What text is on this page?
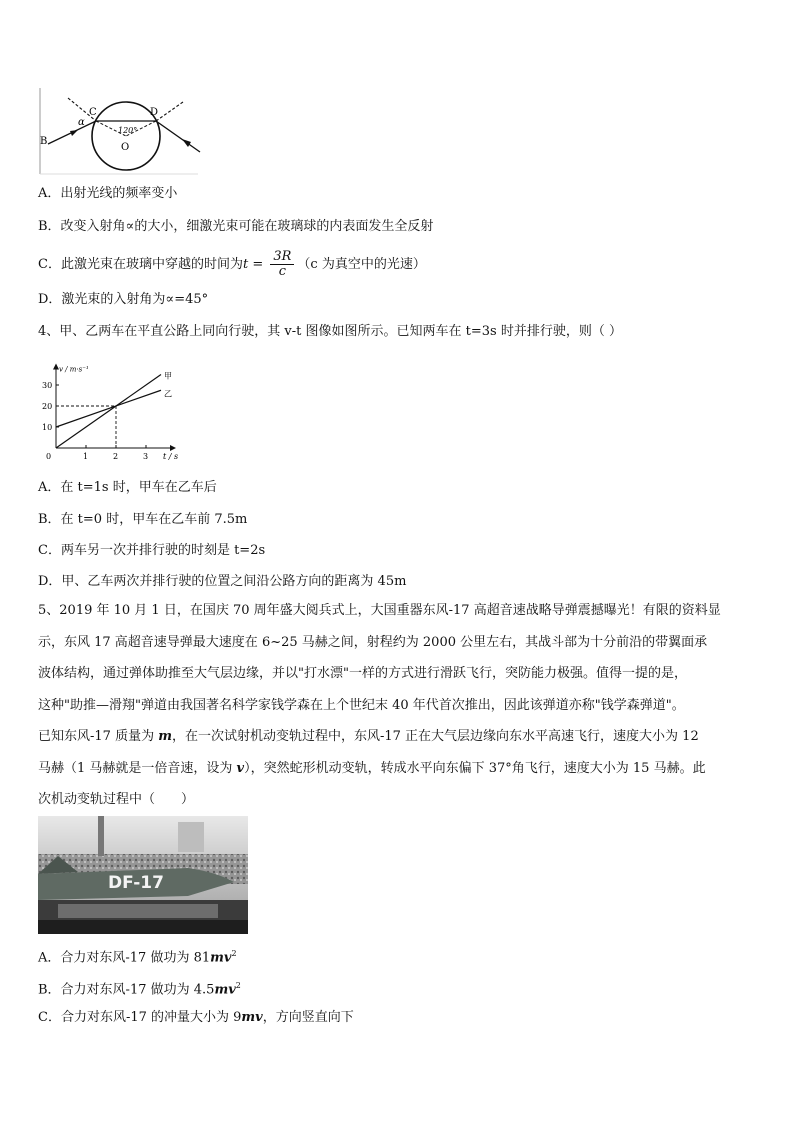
B
C	D
O
α
120°
A．出射光线的频率变小
B．改变入射角∝的大小，细激光束可能在玻璃球的内表面发生全反射
C．此激光束在玻璃中穿越的时间为$t = \frac{3R}{c} (c$ 为真空中的光速）
D．激光束的入射角为∝=45°
4、甲、乙两车在平直公路上同向行驶，其 v-t 图像如图所示。已知两车在 t=3s 时并排行驶，则（ ）
0	1	2	3
10
20
30
v / m·s⁻¹
t / s
甲
乙
A．在 t=1s 时，甲车在乙车后
B．在 t=0 时，甲车在乙车前 7.5m
C．两车另一次并排行驶的时刻是 t=2s
D．甲、乙车两次并排行驶的位置之间沿公路方向的距离为 45m
5、2019 年 10 月 1 日，在国庆 70 周年盛大阅兵式上，大国重器东风-17 高超音速战略导弹震撼曝光！有限的资料显
示，东风 17 高超音速导弹最大速度在 6~25 马赫之间，射程约为 2000 公里左右，其战斗部为十分前沿的带翼面承
波体结构，通过弹体助推至大气层边缘，并以"打水漂"一样的方式进行滑跃飞行，突防能力极强。值得一提的是，
这种"助推—滑翔"弹道由我国著名科学家钱学森在上个世纪末 40 年代首次推出，因此该弹道亦称"钱学森弹道"。
已知东风-17 质量为 m，在一次试射机动变轨过程中，东风-17 正在大气层边缘向东水平高速飞行，速度大小为 12
马赫（1 马赫就是一倍音速，设为 v），突然蛇形机动变轨，转成水平向东偏下 37°角飞行，速度大小为 15 马赫。此
次机动变轨过程中（　　）
DF-17
A．合力对东风-17 做功为 $81mv^2$
B．合力对东风-17 做功为 $4.5mv^2$
C．合力对东风-17 的冲量大小为 9mv，方向竖直向下
